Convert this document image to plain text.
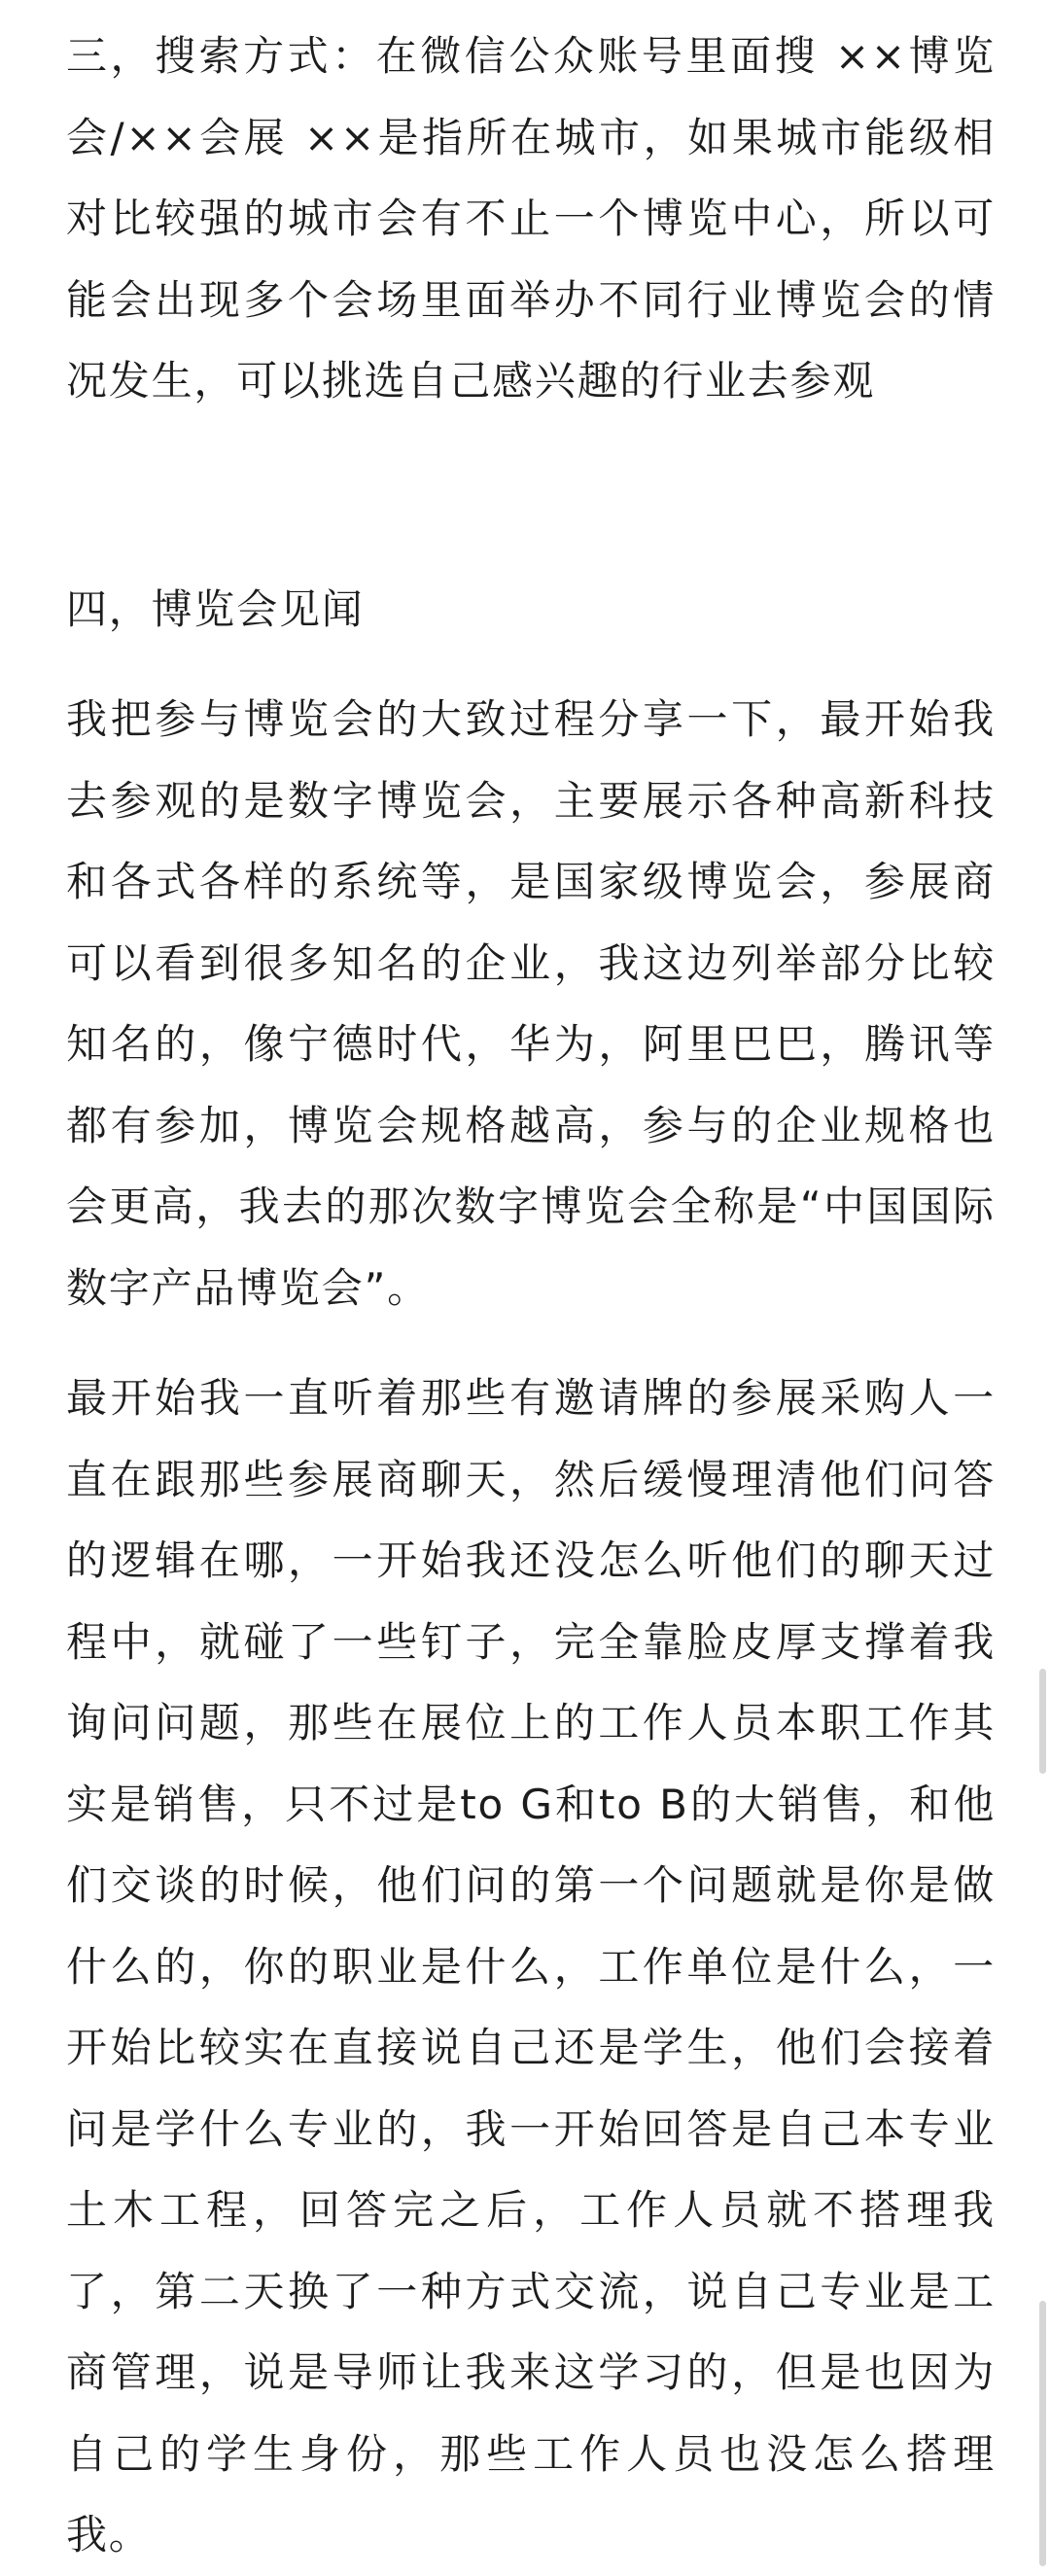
三，搜索方式：在微信公众账号里面搜 ××博览会/××会展 ××是指所在城市，如果城市能级相对比较强的城市会有不止一个博览中心，所以可能会出现多个会场里面举办不同行业博览会的情况发生，可以挑选自己感兴趣的行业去参观

四，博览会见闻

我把参与博览会的大致过程分享一下，最开始我去参观的是数字博览会，主要展示各种高新科技和各式各样的系统等，是国家级博览会，参展商可以看到很多知名的企业，我这边列举部分比较知名的，像宁德时代，华为，阿里巴巴，腾讯等都有参加，博览会规格越高，参与的企业规格也会更高，我去的那次数字博览会全称是“中国国际数字产品博览会”。

最开始我一直听着那些有邀请牌的参展采购人一直在跟那些参展商聊天，然后缓慢理清他们问答的逻辑在哪，一开始我还没怎么听他们的聊天过程中，就碰了一些钉子，完全靠脸皮厚支撑着我询问问题，那些在展位上的工作人员本职工作其实是销售，只不过是to G和to B的大销售，和他们交谈的时候，他们问的第一个问题就是你是做什么的，你的职业是什么，工作单位是什么，一开始比较实在直接说自己还是学生，他们会接着问是学什么专业的，我一开始回答是自己本专业土木工程，回答完之后，工作人员就不搭理我了，第二天换了一种方式交流，说自己专业是工商管理，说是导师让我来这学习的，但是也因为自己的学生身份，那些工作人员也没怎么搭理我。
